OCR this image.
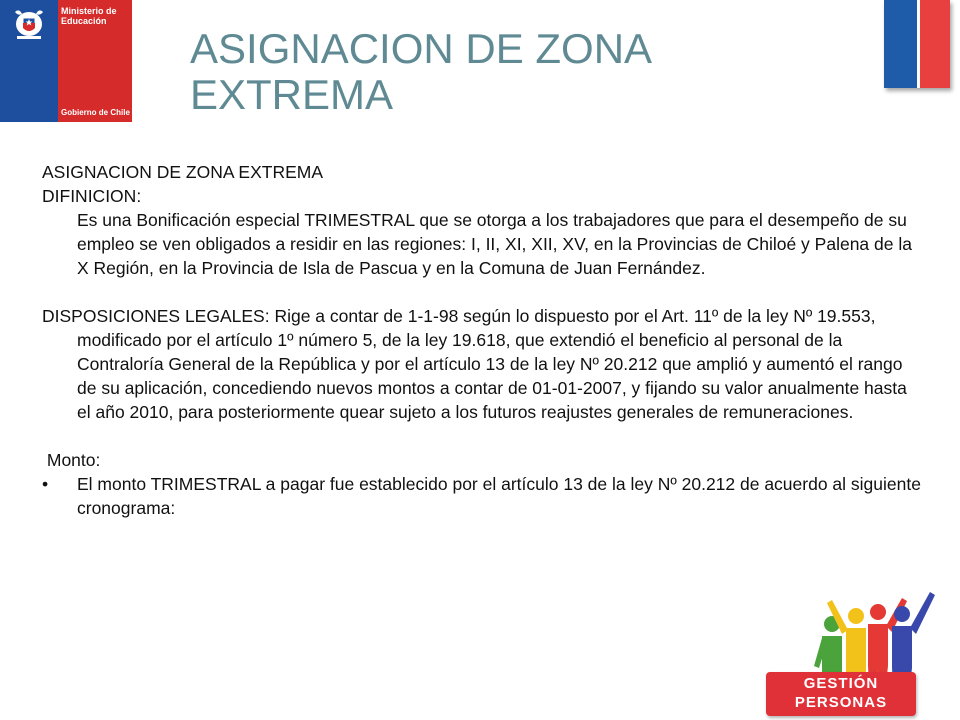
Ministerio de
Educación
Gobierno de Chile
ASIGNACION DE ZONA EXTREMA

ASIGNACION DE ZONA EXTREMA

DIFINICION:

Es una Bonificación especial TRIMESTRAL que se otorga a los trabajadores que para el desempeño de su empleo se ven obligados a residir en las regiones: I, II, XI, XII, XV, en la Provincias de Chiloé y Palena de la X Región, en la Provincia de Isla de Pascua y en la Comuna de Juan Fernández.

DISPOSICIONES LEGALES: Rige a contar de 1-1-98 según lo dispuesto por el Art. 11º de la ley Nº 19.553, modificado por el artículo 1º número 5, de la ley 19.618, que extendió el beneficio al personal de la Contraloría General de la República y por el artículo 13 de la ley Nº 20.212 que amplió y aumentó el rango de su aplicación, concediendo nuevos montos a contar de 01-01-2007, y fijando su valor anualmente hasta el año 2010, para posteriormente quear sujeto a los futuros reajustes generales de remuneraciones.

Monto:

• El monto TRIMESTRAL a pagar fue establecido por el artículo 13 de la ley Nº 20.212 de acuerdo al siguiente cronograma:
GESTIÓN
PERSONAS
